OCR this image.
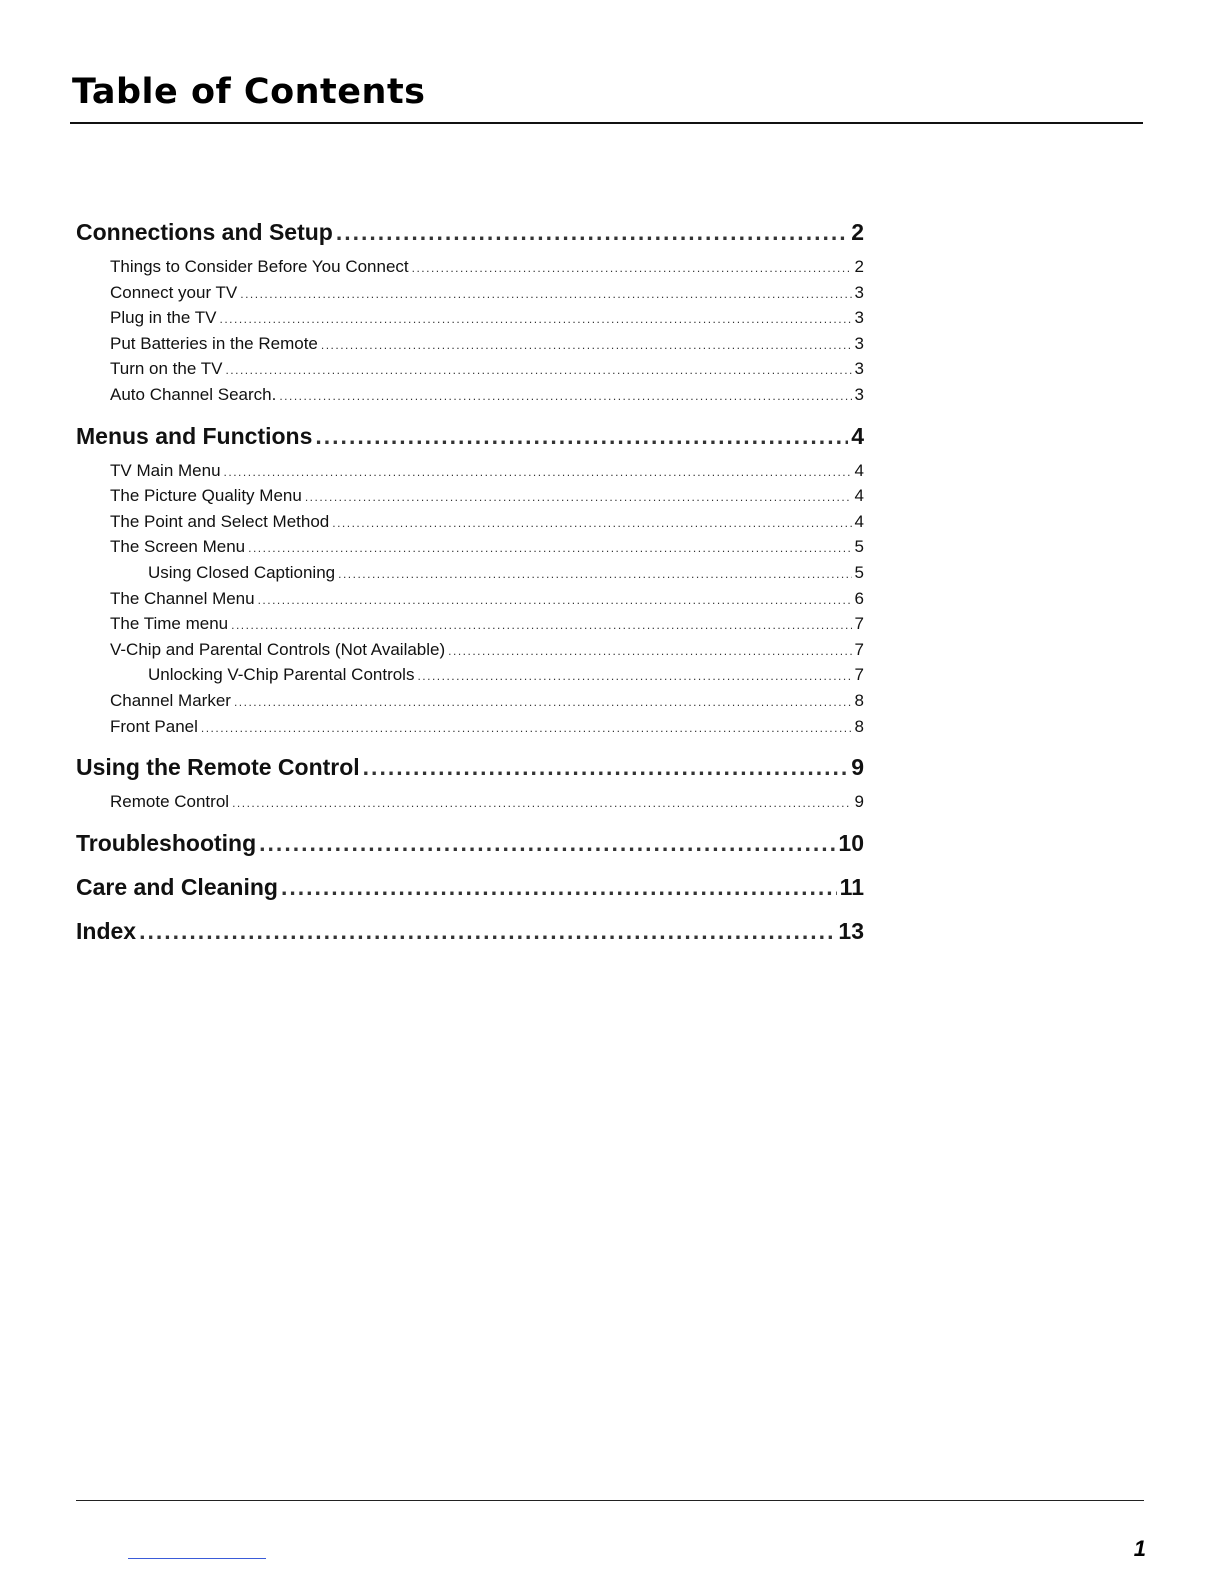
Table of Contents
Connections and Setup .....	2
Things to Consider Before You Connect .....	2
Connect your TV .....	3
Plug in the TV .....	3
Put Batteries in the Remote .....	3
Turn on the TV .....	3
Auto Channel Search. .....	3
Menus and Functions .....	4
TV Main Menu .....	4
The Picture Quality Menu .....	4
The Point and Select Method .....	4
The Screen Menu .....	5
Using Closed Captioning .....	5
The Channel Menu .....	6
The Time menu .....	7
V-Chip and Parental Controls (Not Available) .....	7
Unlocking V-Chip Parental Controls .....	7
Channel Marker .....	8
Front Panel .....	8
Using the Remote Control .....	9
Remote Control .....	9
Troubleshooting .....	10
Care and Cleaning .....	11
Index .....	13
1
